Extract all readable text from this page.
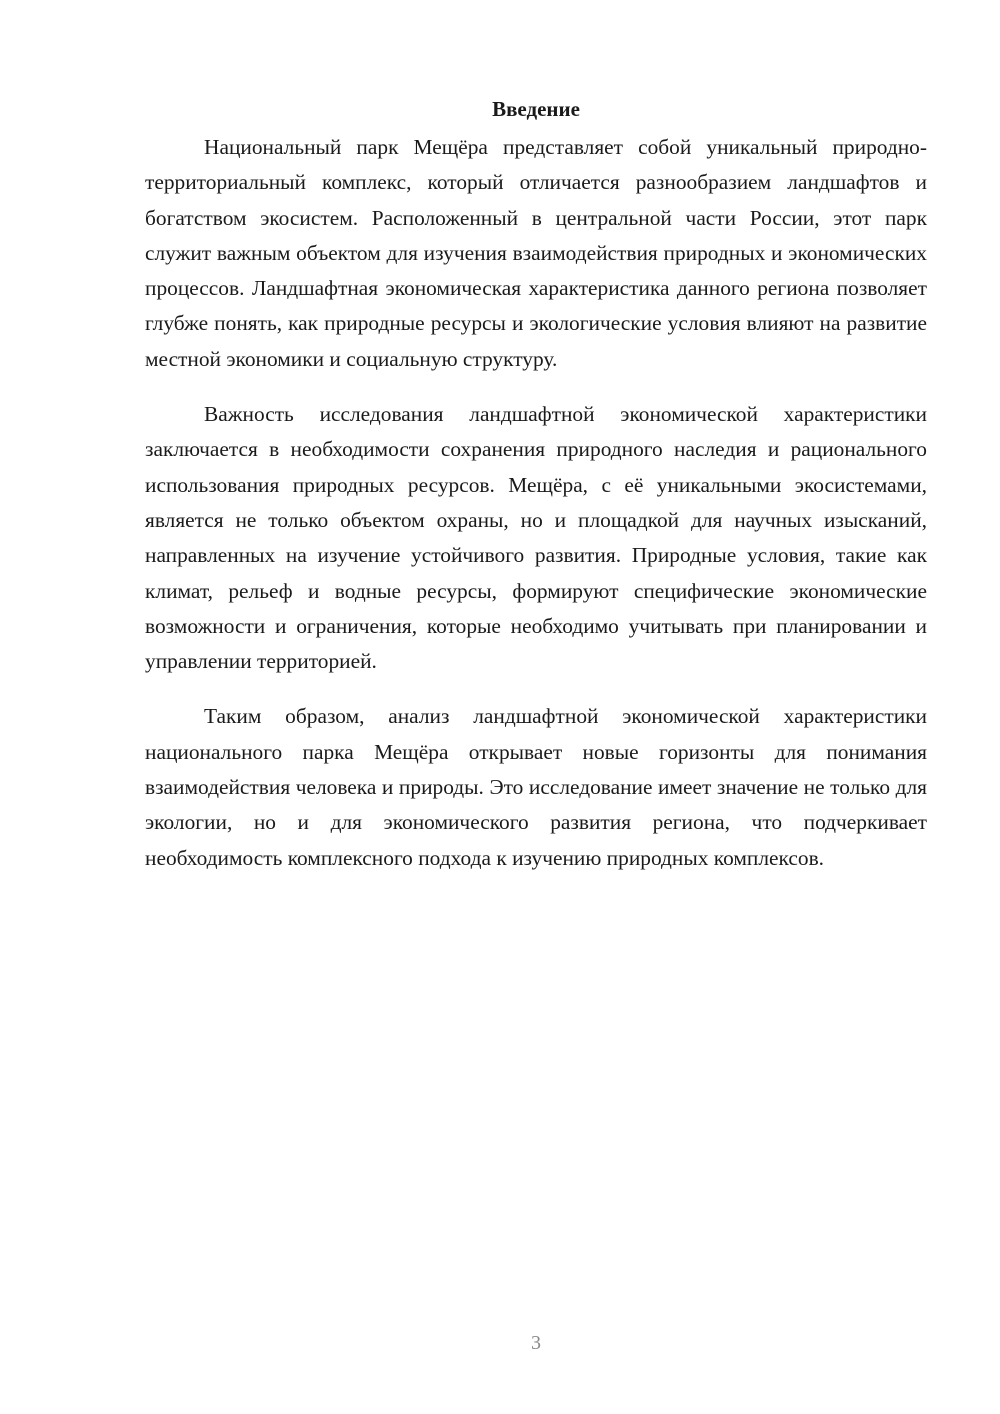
Введение

Национальный парк Мещёра представляет собой уникальный природно-территориальный комплекс, который отличается разнообразием ландшафтов и богатством экосистем. Расположенный в центральной части России, этот парк служит важным объектом для изучения взаимодействия природных и экономических процессов. Ландшафтная экономическая характеристика данного региона позволяет глубже понять, как природные ресурсы и экологические условия влияют на развитие местной экономики и социальную структуру.

Важность исследования ландшафтной экономической характеристики заключается в необходимости сохранения природного наследия и рационального использования природных ресурсов. Мещёра, с её уникальными экосистемами, является не только объектом охраны, но и площадкой для научных изысканий, направленных на изучение устойчивого развития. Природные условия, такие как климат, рельеф и водные ресурсы, формируют специфические экономические возможности и ограничения, которые необходимо учитывать при планировании и управлении территорией.

Таким образом, анализ ландшафтной экономической характеристики национального парка Мещёра открывает новые горизонты для понимания взаимодействия человека и природы. Это исследование имеет значение не только для экологии, но и для экономического развития региона, что подчеркивает необходимость комплексного подхода к изучению природных комплексов.

3
